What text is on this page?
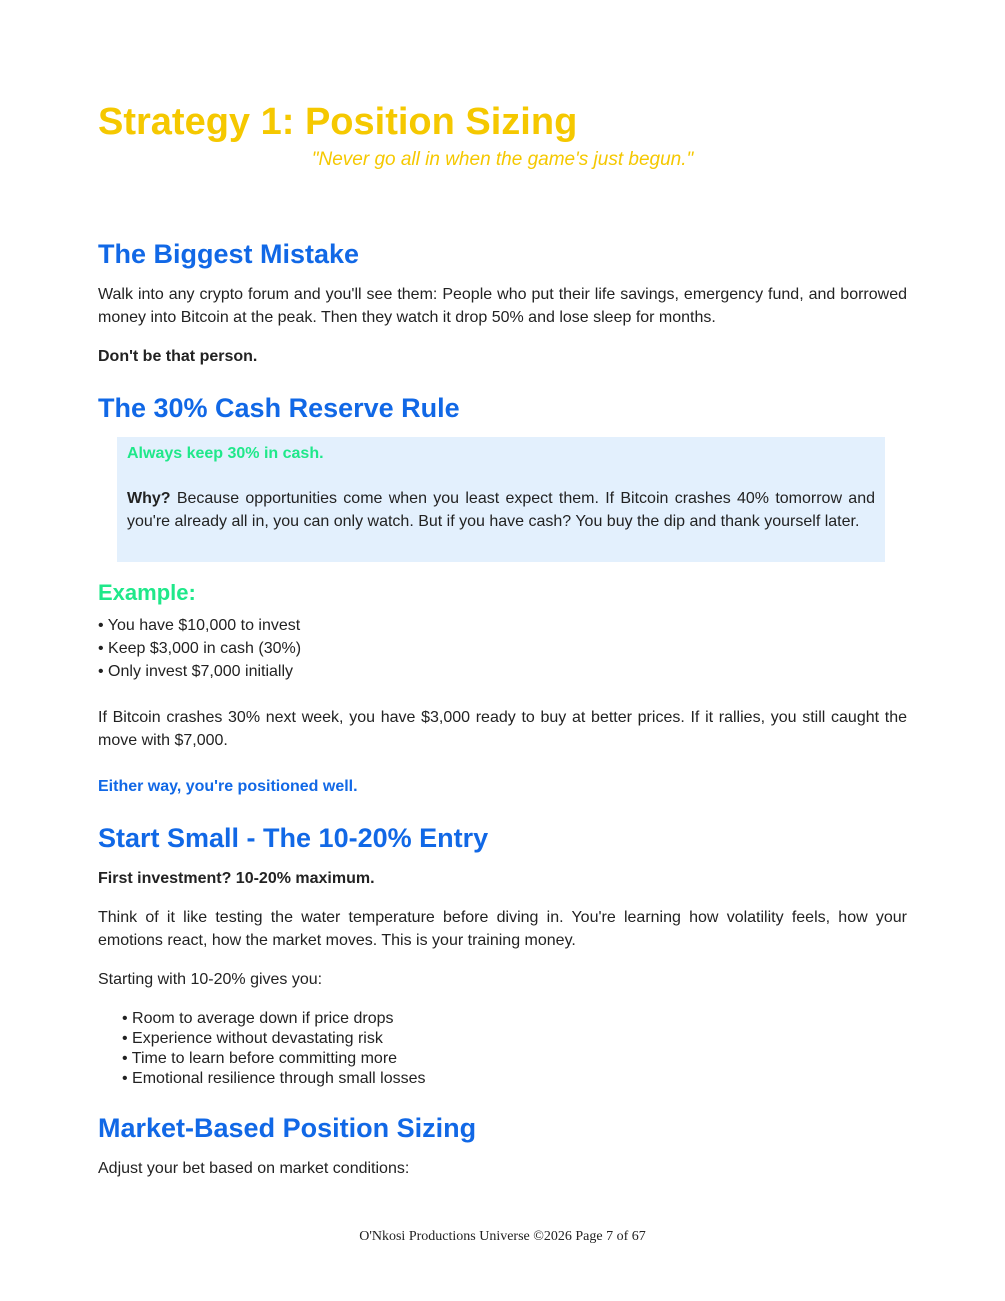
Strategy 1: Position Sizing
"Never go all in when the game's just begun."
The Biggest Mistake

Walk into any crypto forum and you'll see them: People who put their life savings, emergency fund, and borrowed money into Bitcoin at the peak. Then they watch it drop 50% and lose sleep for months.

Don't be that person.

The 30% Cash Reserve Rule

Always keep 30% in cash.

Why? Because opportunities come when you least expect them. If Bitcoin crashes 40% tomorrow and you're already all in, you can only watch. But if you have cash? You buy the dip and thank yourself later.

Example:
• You have $10,000 to invest
• Keep $3,000 in cash (30%)
• Only invest $7,000 initially

If Bitcoin crashes 30% next week, you have $3,000 ready to buy at better prices. If it rallies, you still caught the move with $7,000.

Either way, you're positioned well.

Start Small - The 10-20% Entry

First investment? 10-20% maximum.

Think of it like testing the water temperature before diving in. You're learning how volatility feels, how your emotions react, how the market moves. This is your training money.

Starting with 10-20% gives you:

• Room to average down if price drops
• Experience without devastating risk
• Time to learn before committing more
• Emotional resilience through small losses
Market-Based Position Sizing

Adjust your bet based on market conditions:

O'Nkosi Productions Universe ©2026 Page 7 of 67
